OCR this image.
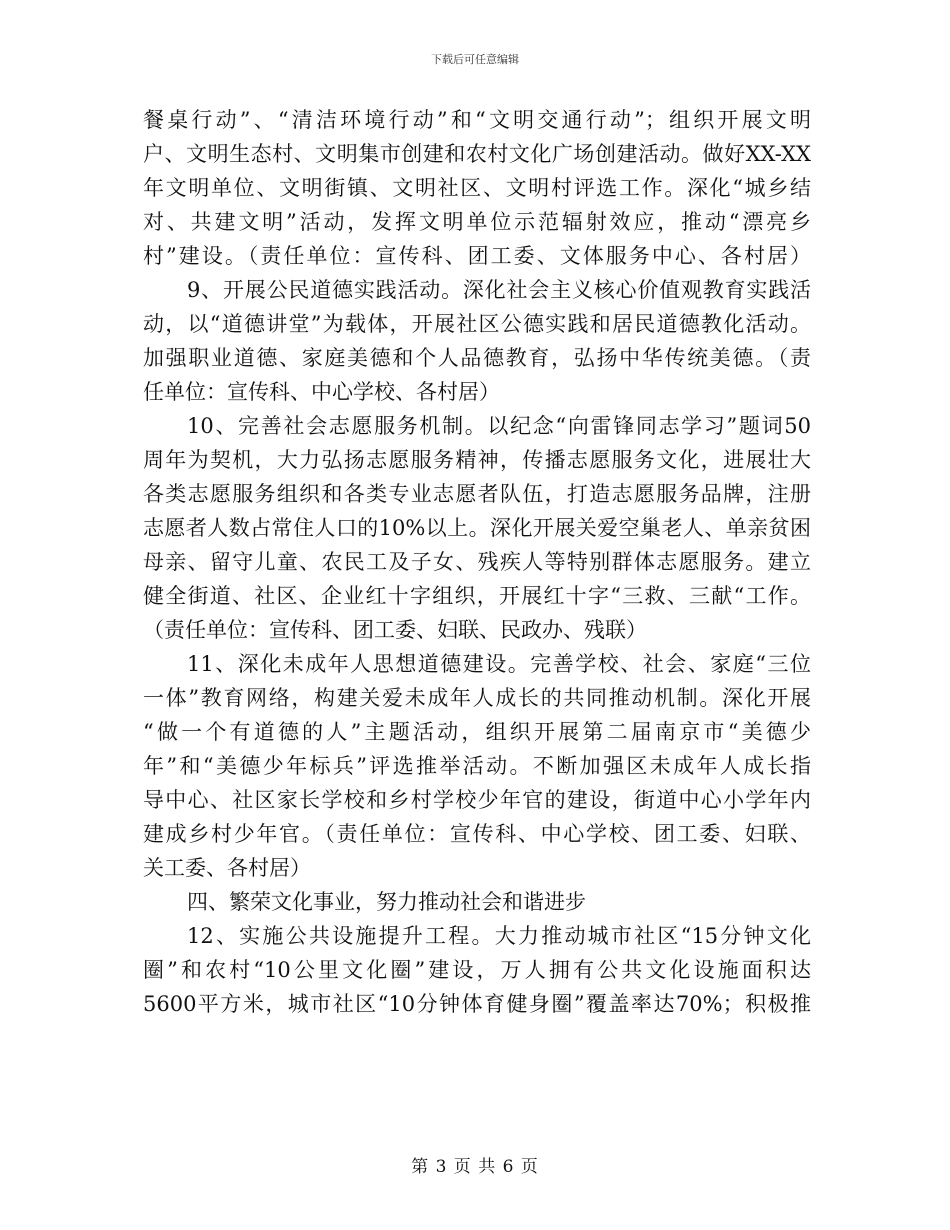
下载后可任意编辑
餐桌行动”、“清洁环境行动”和“文明交通行动”；组织开展文明
户、文明生态村、文明集市创建和农村文化广场创建活动。做好XX-XX
年文明单位、文明街镇、文明社区、文明村评选工作。深化“城乡结
对、共建文明”活动，发挥文明单位示范辐射效应，推动“漂亮乡
村”建设。（责任单位：宣传科、团工委、文体服务中心、各村居）
9、开展公民道德实践活动。深化社会主义核心价值观教育实践活
动，以“道德讲堂”为载体，开展社区公德实践和居民道德教化活动。
加强职业道德、家庭美德和个人品德教育，弘扬中华传统美德。（责
任单位：宣传科、中心学校、各村居）
10、完善社会志愿服务机制。以纪念“向雷锋同志学习”题词50
周年为契机，大力弘扬志愿服务精神，传播志愿服务文化，进展壮大
各类志愿服务组织和各类专业志愿者队伍，打造志愿服务品牌，注册
志愿者人数占常住人口的10%以上。深化开展关爱空巢老人、单亲贫困
母亲、留守儿童、农民工及子女、残疾人等特别群体志愿服务。建立
健全街道、社区、企业红十字组织，开展红十字“三救、三献“工作。
（责任单位：宣传科、团工委、妇联、民政办、残联）
11、深化未成年人思想道德建设。完善学校、社会、家庭“三位
一体”教育网络，构建关爱未成年人成长的共同推动机制。深化开展
“做一个有道德的人”主题活动，组织开展第二届南京市“美德少
年”和“美德少年标兵”评选推举活动。不断加强区未成年人成长指
导中心、社区家长学校和乡村学校少年官的建设，街道中心小学年内
建成乡村少年官。（责任单位：宣传科、中心学校、团工委、妇联、
关工委、各村居）
四、繁荣文化事业，努力推动社会和谐进步
12、实施公共设施提升工程。大力推动城市社区“15分钟文化
圈”和农村“10公里文化圈”建设，万人拥有公共文化设施面积达
5600平方米，城市社区“10分钟体育健身圈”覆盖率达70%；积极推
第 3 页 共 6 页
